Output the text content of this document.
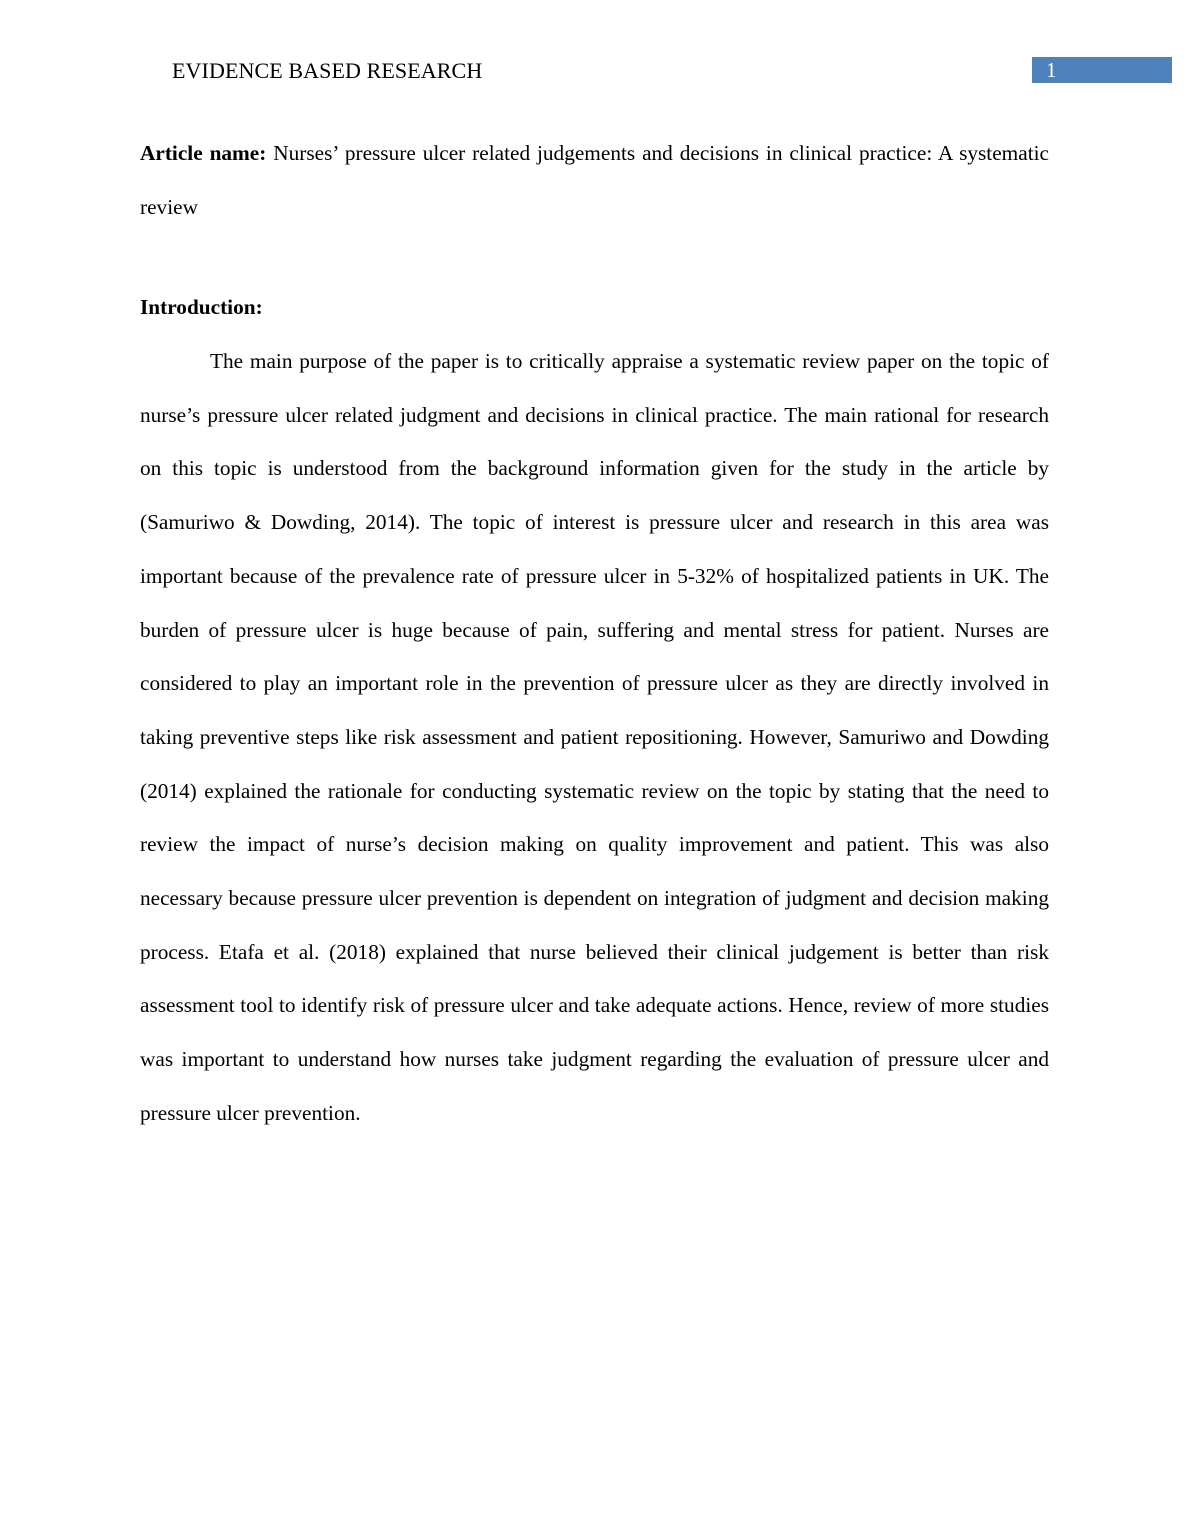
EVIDENCE BASED RESEARCH	1

Article name: Nurses’ pressure ulcer related judgements and decisions in clinical practice: A systematic review

Introduction:

The main purpose of the paper is to critically appraise a systematic review paper on the topic of nurse’s pressure ulcer related judgment and decisions in clinical practice. The main rational for research on this topic is understood from the background information given for the study in the article by (Samuriwo & Dowding, 2014). The topic of interest is pressure ulcer and research in this area was important because of the prevalence rate of pressure ulcer in 5-32% of hospitalized patients in UK. The burden of pressure ulcer is huge because of pain, suffering and mental stress for patient. Nurses are considered to play an important role in the prevention of pressure ulcer as they are directly involved in taking preventive steps like risk assessment and patient repositioning. However, Samuriwo and Dowding (2014) explained the rationale for conducting systematic review on the topic by stating that the need to review the impact of nurse’s decision making on quality improvement and patient. This was also necessary because pressure ulcer prevention is dependent on integration of judgment and decision making process. Etafa et al. (2018) explained that nurse believed their clinical judgement is better than risk assessment tool to identify risk of pressure ulcer and take adequate actions. Hence, review of more studies was important to understand how nurses take judgment regarding the evaluation of pressure ulcer and pressure ulcer prevention.
